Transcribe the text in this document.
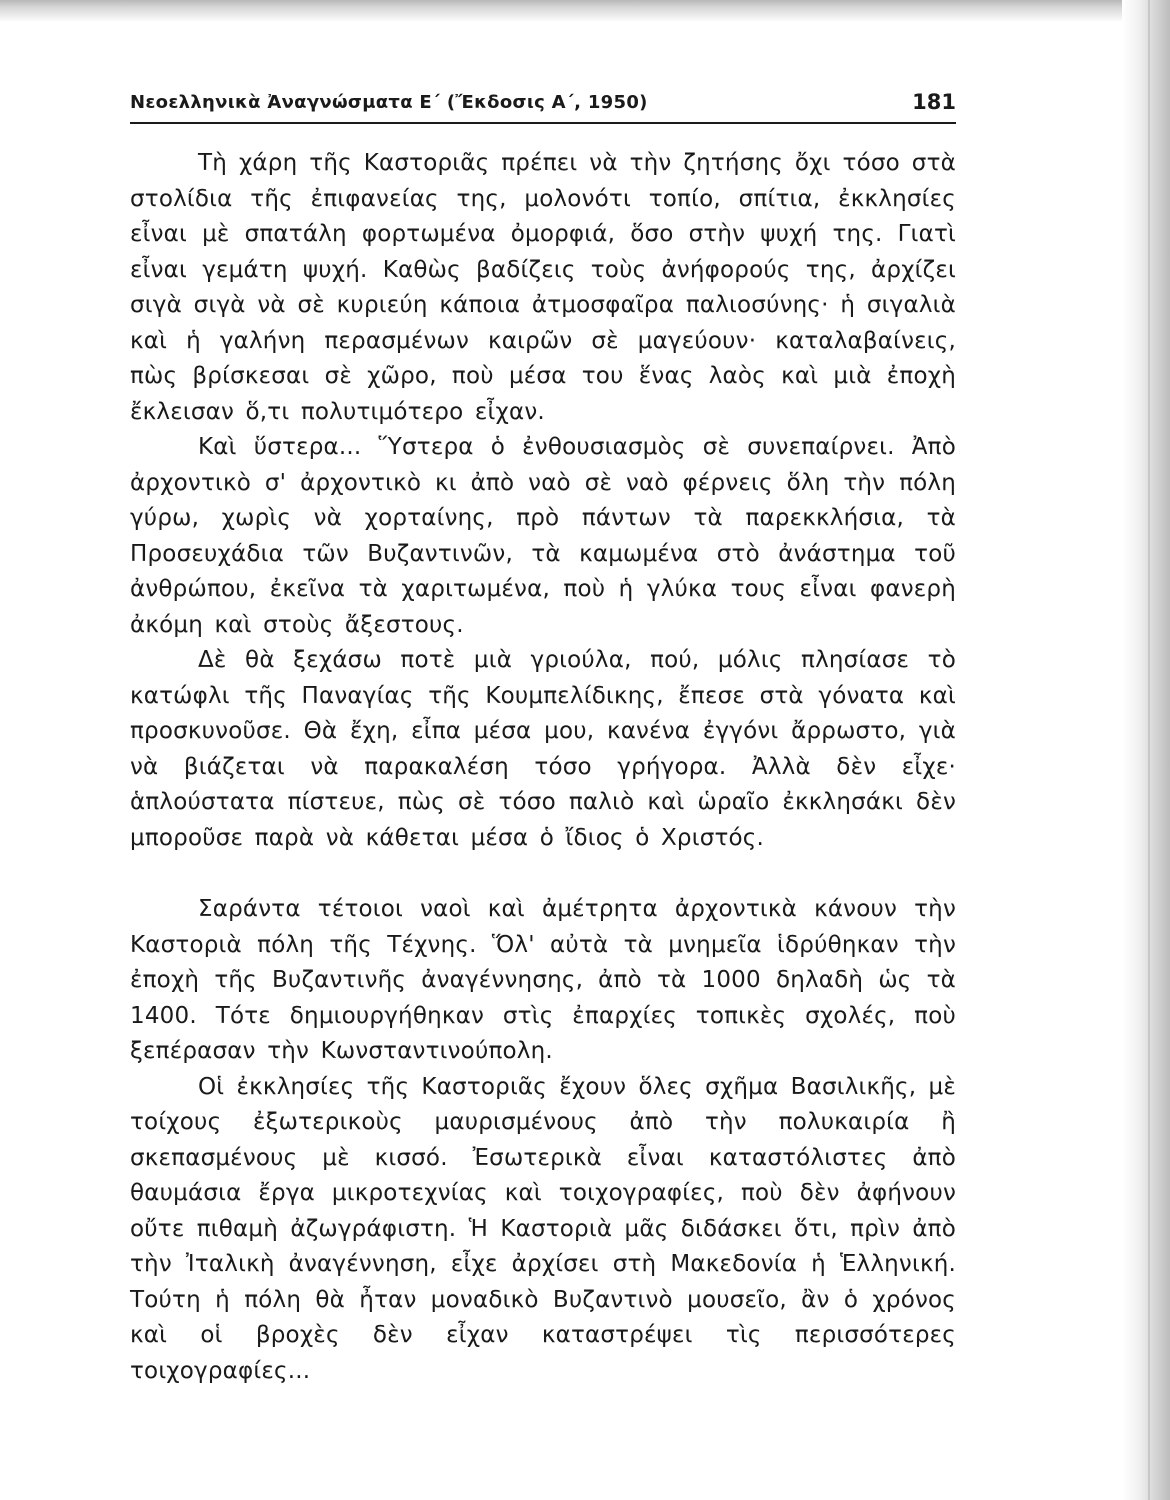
Νεοελληνικὰ Ἀναγνώσματα Ε΄ (Ἔκδοσις Α΄, 1950)	181

Τὴ χάρη τῆς Καστοριᾶς πρέπει νὰ τὴν ζητήσης ὄχι τόσο στὰ στολίδια τῆς ἐπιφανείας της, μολονότι τοπίο, σπίτια, ἐκκλησίες εἶναι μὲ σπατάλη φορτωμένα ὀμορφιά, ὅσο στὴν ψυχή της. Γιατὶ εἶναι γεμάτη ψυχή. Καθὼς βαδίζεις τοὺς ἀνήφορούς της, ἀρχίζει σιγὰ σιγὰ νὰ σὲ κυριεύη κάποια ἀτμοσφαῖρα παλιοσύνης· ἡ σιγαλιὰ καὶ ἡ γαλήνη περασμένων καιρῶν σὲ μαγεύουν· καταλαβαίνεις, πὼς βρίσκεσαι σὲ χῶρο, ποὺ μέσα του ἕνας λαὸς καὶ μιὰ ἐποχὴ ἔκλεισαν ὅ,τι πολυτιμότερο εἶχαν.

Καὶ ὕστερα... Ὕστερα ὁ ἐνθουσιασμὸς σὲ συνεπαίρνει. Ἀπὸ ἀρχοντικὸ σ' ἀρχοντικὸ κι ἀπὸ ναὸ σὲ ναὸ φέρνεις ὅλη τὴν πόλη γύρω, χωρὶς νὰ χορταίνης, πρὸ πάντων τὰ παρεκκλήσια, τὰ Προσευχάδια τῶν Βυζαντινῶν, τὰ καμωμένα στὸ ἀνάστημα τοῦ ἀνθρώπου, ἐκεῖνα τὰ χαριτωμένα, ποὺ ἡ γλύκα τους εἶναι φανερὴ ἀκόμη καὶ στοὺς ἄξεστους.

Δὲ θὰ ξεχάσω ποτὲ μιὰ γριούλα, πού, μόλις πλησίασε τὸ κατώφλι τῆς Παναγίας τῆς Κουμπελίδικης, ἔπεσε στὰ γόνατα καὶ προσκυνοῦσε. Θὰ ἔχη, εἶπα μέσα μου, κανένα ἐγγόνι ἄρρωστο, γιὰ νὰ βιάζεται νὰ παρακαλέση τόσο γρήγορα. Ἀλλὰ δὲν εἶχε· ἁπλούστατα πίστευε, πὼς σὲ τόσο παλιὸ καὶ ὡραῖο ἐκκλησάκι δὲν μποροῦσε παρὰ νὰ κάθεται μέσα ὁ ἴδιος ὁ Χριστός.

Σαράντα τέτοιοι ναοὶ καὶ ἀμέτρητα ἀρχοντικὰ κάνουν τὴν Καστοριὰ πόλη τῆς Τέχνης. Ὅλ' αὐτὰ τὰ μνημεῖα ἱδρύθηκαν τὴν ἐποχὴ τῆς Βυζαντινῆς ἀναγέννησης, ἀπὸ τὰ 1000 δηλαδὴ ὡς τὰ 1400. Τότε δημιουργήθηκαν στὶς ἐπαρχίες τοπικὲς σχολές, ποὺ ξεπέρασαν τὴν Κωνσταντινούπολη.

Οἱ ἐκκλησίες τῆς Καστοριᾶς ἔχουν ὅλες σχῆμα Βασιλικῆς, μὲ τοίχους ἐξωτερικοὺς μαυρισμένους ἀπὸ τὴν πολυκαιρία ἢ σκεπασμένους μὲ κισσό. Ἐσωτερικὰ εἶναι καταστόλιστες ἀπὸ θαυμάσια ἔργα μικροτεχνίας καὶ τοιχογραφίες, ποὺ δὲν ἀφήνουν οὔτε πιθαμὴ ἀζωγράφιστη. Ἡ Καστοριὰ μᾶς διδάσκει ὅτι, πρὶν ἀπὸ τὴν Ἰταλικὴ ἀναγέννηση, εἶχε ἀρχίσει στὴ Μακεδονία ἡ Ἑλληνική. Τούτη ἡ πόλη θὰ ἦταν μοναδικὸ Βυζαντινὸ μουσεῖο, ἂν ὁ χρόνος καὶ οἱ βροχὲς δὲν εἶχαν καταστρέψει τὶς περισσότερες τοιχογραφίες...
